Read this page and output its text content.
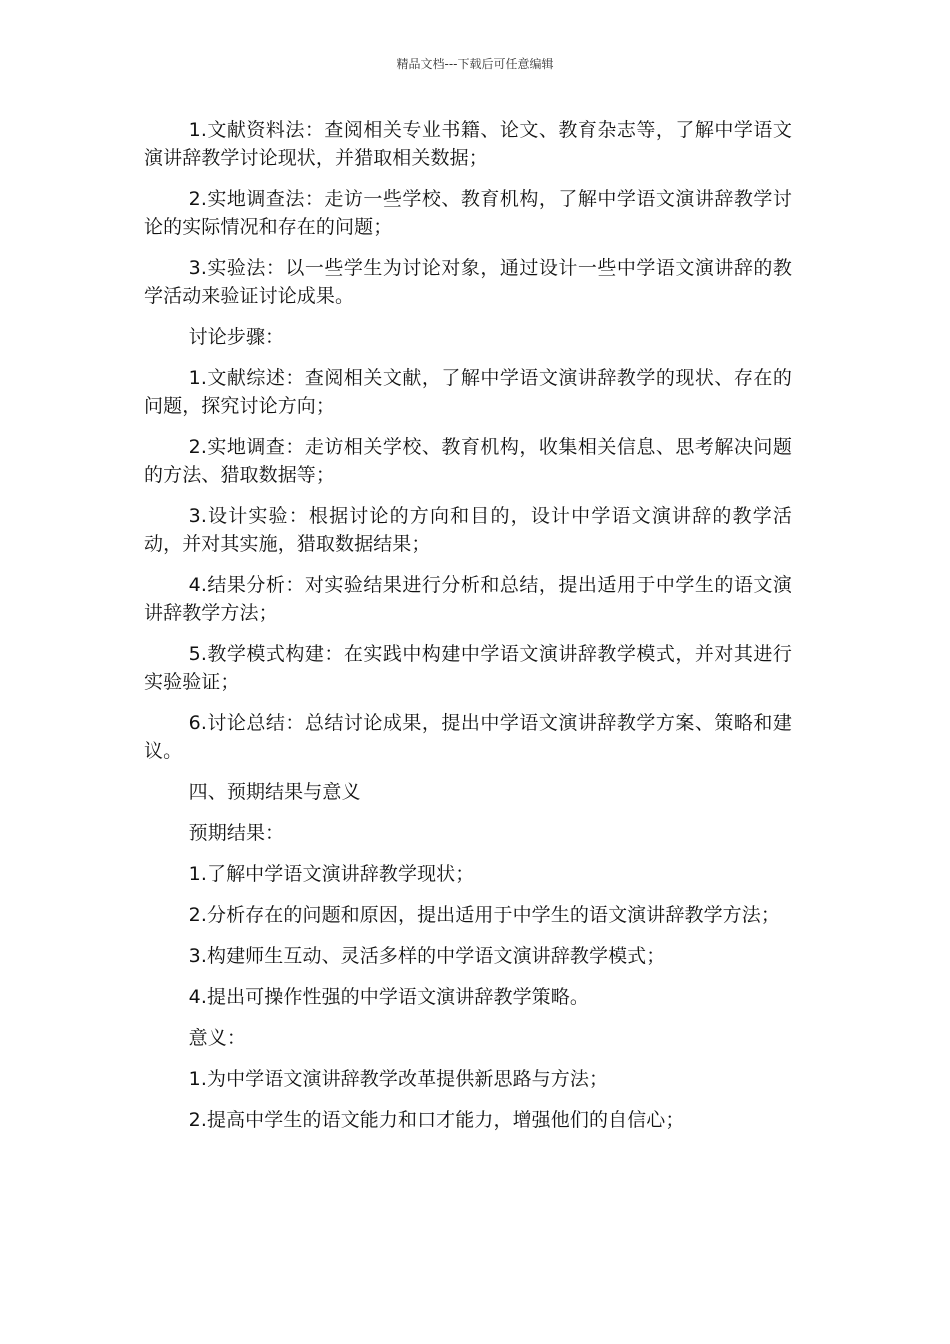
精品文档---下载后可任意编辑

1.文献资料法：查阅相关专业书籍、论文、教育杂志等，了解中学语文演讲辞教学讨论现状，并猎取相关数据；

2.实地调查法：走访一些学校、教育机构，了解中学语文演讲辞教学讨论的实际情况和存在的问题；

3.实验法：以一些学生为讨论对象，通过设计一些中学语文演讲辞的教学活动来验证讨论成果。

讨论步骤：

1.文献综述：查阅相关文献，了解中学语文演讲辞教学的现状、存在的问题，探究讨论方向；

2.实地调查：走访相关学校、教育机构，收集相关信息、思考解决问题的方法、猎取数据等；

3.设计实验：根据讨论的方向和目的，设计中学语文演讲辞的教学活动，并对其实施，猎取数据结果；

4.结果分析：对实验结果进行分析和总结，提出适用于中学生的语文演讲辞教学方法；

5.教学模式构建：在实践中构建中学语文演讲辞教学模式，并对其进行实验验证；

6.讨论总结：总结讨论成果，提出中学语文演讲辞教学方案、策略和建议。

四、预期结果与意义

预期结果：

1.了解中学语文演讲辞教学现状；

2.分析存在的问题和原因，提出适用于中学生的语文演讲辞教学方法；

3.构建师生互动、灵活多样的中学语文演讲辞教学模式；

4.提出可操作性强的中学语文演讲辞教学策略。

意义：

1.为中学语文演讲辞教学改革提供新思路与方法；

2.提高中学生的语文能力和口才能力，增强他们的自信心；
